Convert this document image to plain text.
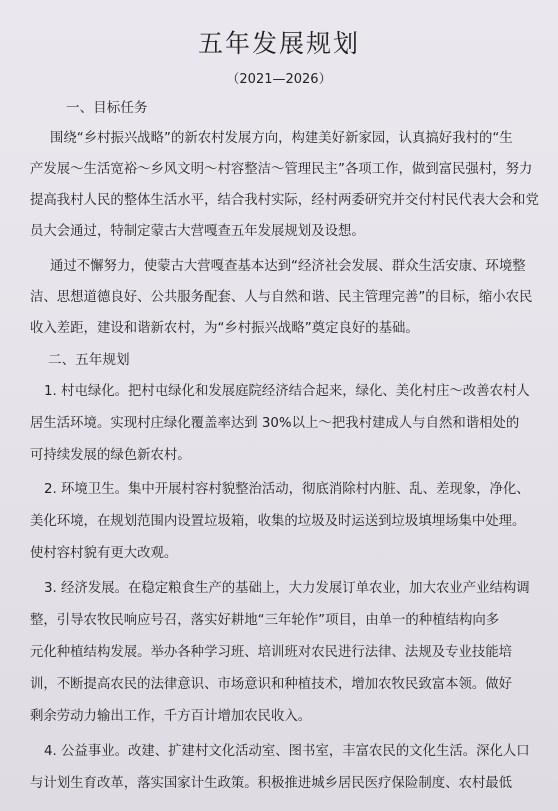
五年发展规划
（2021—2026）
一、目标任务
围绕“乡村振兴战略”的新农村发展方向，构建美好新家园，认真搞好我村的“生
产发展～生活宽裕～乡风文明～村容整洁～管理民主”各项工作，做到富民强村，努力
提高我村人民的整体生活水平，结合我村实际，经村两委研究并交付村民代表大会和党
员大会通过，特制定蒙古大营嘎查五年发展规划及设想。
通过不懈努力，使蒙古大营嘎查基本达到“经济社会发展、群众生活安康、环境整
洁、思想道德良好、公共服务配套、人与自然和谐、民主管理完善”的目标，缩小农民
收入差距，建设和谐新农村，为“乡村振兴战略”奠定良好的基础。
二、五年规划
1. 村屯绿化。把村屯绿化和发展庭院经济结合起来，绿化、美化村庄～改善农村人
居生活环境。实现村庄绿化覆盖率达到 30%以上～把我村建成人与自然和谐相处的
可持续发展的绿色新农村。
2. 环境卫生。集中开展村容村貌整治活动，彻底消除村内脏、乱、差现象，净化、
美化环境，在规划范围内设置垃圾箱，收集的垃圾及时运送到垃圾填埋场集中处理。
使村容村貌有更大改观。
3. 经济发展。在稳定粮食生产的基础上，大力发展订单农业，加大农业产业结构调
整，引导农牧民响应号召，落实好耕地“三年轮作”项目，由单一的种植结构向多
元化种植结构发展。举办各种学习班、培训班对农民进行法律、法规及专业技能培
训，不断提高农民的法律意识、市场意识和种植技术，增加农牧民致富本领。做好
剩余劳动力输出工作，千方百计增加农民收入。
4. 公益事业。改建、扩建村文化活动室、图书室，丰富农民的文化生活。深化人口
与计划生育改革，落实国家计生政策。积极推进城乡居民医疗保险制度、农村最低
